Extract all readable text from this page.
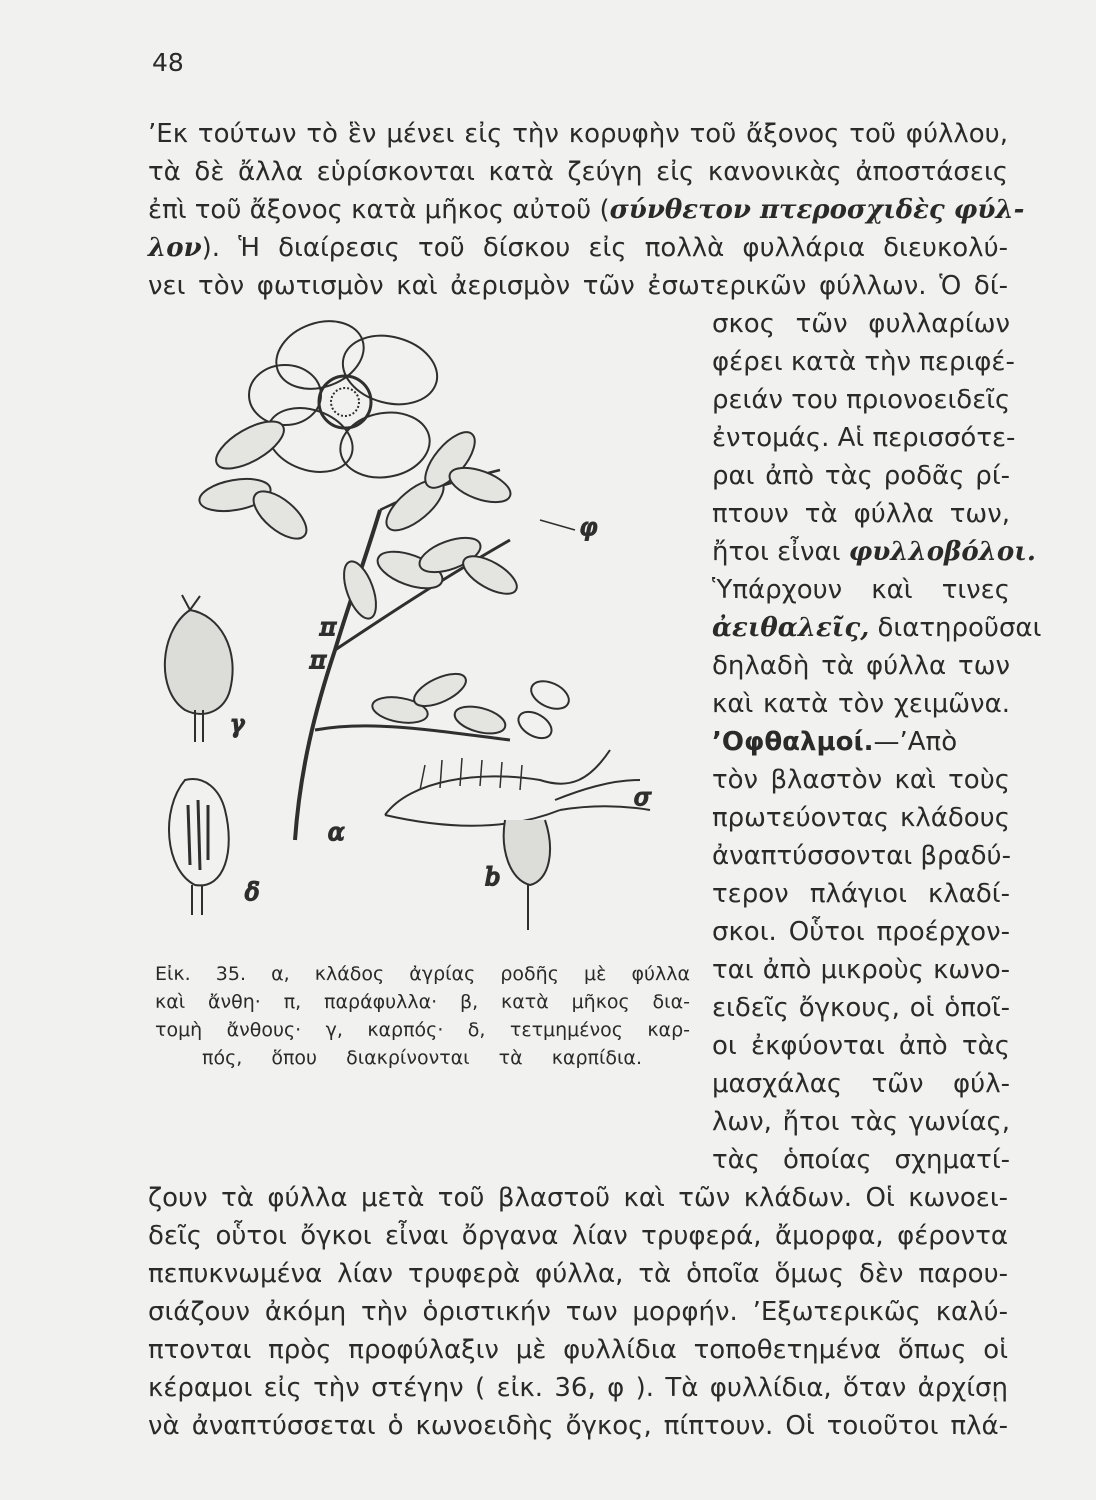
48
’Εκ τούτων τὸ ἓν μένει εἰς τὴν κορυφὴν τοῦ ἄξονος τοῦ φύλλου,
τὰ δὲ ἄλλα εὑρίσκονται κατὰ ζεύγη εἰς κανονικὰς ἀποστάσεις
ἐπὶ τοῦ ἄξονος κατὰ μῆκος αὐτοῦ (σύνθετον πτεροσχιδὲς φύλ-
λον). Ἡ διαίρεσις τοῦ δίσκου εἰς πολλὰ φυλλάρια διευκολύ-
νει τὸν φωτισμὸν καὶ ἀερισμὸν τῶν ἐσωτερικῶν φύλλων. Ὁ δί-
σκος τῶν φυλλαρίων
φέρει κατὰ τὴν περιφέ-
ρειάν του πριονοειδεῖς
ἐντομάς. Αἱ περισσότε-
ραι ἀπὸ τὰς ροδᾶς ρί-
πτουν τὰ φύλλα των,
ἤτοι εἶναι φυλλοβόλοι.
Ὑπάρχουν καὶ τινες
ἀειθαλεῖς, διατηροῦσαι
δηλαδὴ τὰ φύλλα των
καὶ κατὰ τὸν χειμῶνα.
’Οφθαλμοί.—’Απὸ
τὸν βλαστὸν καὶ τοὺς
πρωτεύοντας κλάδους
ἀναπτύσσονται βραδύ-
τερον πλάγιοι κλαδί-
σκοι. Οὗτοι προέρχον-
ται ἀπὸ μικροὺς κωνο-
ειδεῖς ὄγκους, οἱ ὁποῖ-
οι ἐκφύονται ἀπὸ τὰς
μασχάλας τῶν φύλ-
λων, ἤτοι τὰς γωνίας,
τὰς ὁποίας σχηματί-
ζουν τὰ φύλλα μετὰ τοῦ βλαστοῦ καὶ τῶν κλάδων. Οἱ κωνοει-
δεῖς οὗτοι ὄγκοι εἶναι ὄργανα λίαν τρυφερά, ἄμορφα, φέροντα
πεπυκνωμένα λίαν τρυφερὰ φύλλα, τὰ ὁποῖα ὅμως δὲν παρου-
σιάζουν ἀκόμη τὴν ὁριστικήν των μορφήν. ’Εξωτερικῶς καλύ-
πτονται πρὸς προφύλαξιν μὲ φυλλίδια τοποθετημένα ὅπως οἱ
κέραμοι εἰς τὴν στέγην ( εἰκ. 36, φ ). Τὰ φυλλίδια, ὅταν ἀρχίσῃ
νὰ ἀναπτύσσεται ὁ κωνοειδὴς ὄγκος, πίπτουν. Οἱ τοιοῦτοι πλά-
Εἰκ. 35. α, κλάδος ἀγρίας ροδῆς μὲ φύλλα
καὶ ἄνθη· π, παράφυλλα· β, κατὰ μῆκος δια-
τομὴ ἄνθους· γ, καρπός· δ, τετμημένος καρ-
πός, ὅπου διακρίνονται τὰ καρπίδια.
α
π
π
φ
b
σ
γ
δ
